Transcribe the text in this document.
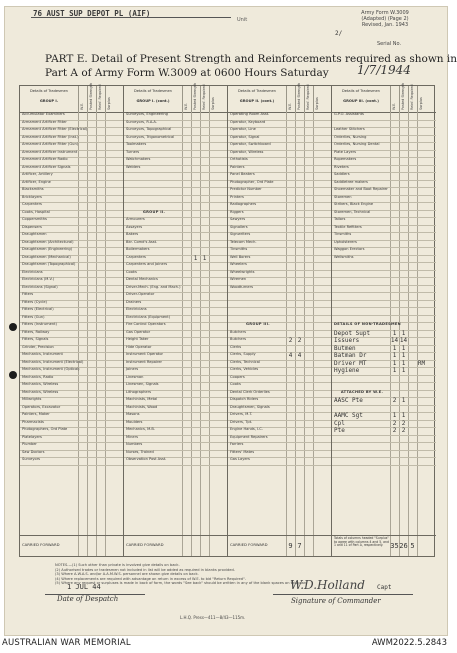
76 AUST SUP DEPOT PL (AIF)
Unit
Army Form W.3009
(Adapted) (Page 2)
Revised, Jan. 1943
2/
Serial No.
PART E. Detail of Present Strength and Reinforcements required as shown in
Part A of Army Form W.3009 at 0600 Hours Saturday 1/7/1944
Details of Tradesmen
GROUP I.
W.E. Posted Strength Reinf. Required Surplus
Accumulator Examiners
Armament Artificer Fitter
Armament Artificer Fitter (Electrical)
Armament Artificer Fitter (Inst.)
Armament Artificer Fitter (Gun)
Armament Artificer Instrument
Armament Artificer Radio
Armament Artificer Signals
Artificer, Artillery
Artificer, Engine
Blacksmiths
Bricklayers
Carpenters
Cooks, Hospital
Coppersmiths
Dispensers
Draughtsmen
Draughtsmen (Architectural)
Draughtsmen (Engineering)
Draughtsmen (Mechanical)
Draughtsmen (Topographical)
Electricians
Electricians (M.V.)
Electricians (Signal)
Fitters
Fitters (Cycle)
Fitters (Electrical)
Fitters (Gun)
Fitters (Instrument)
Fitters, Railway
Fitters, Signals
Grinder, Precision
Mechanics, Instrument
Mechanics, Instrument (Electrical)
Mechanics, Instrument (Optical)
Mechanics, Radio
Mechanics, Wireless
Mechanics, Wireless
Millwrights
Operators, Excavator
Painters, Maker
Pharmacists
Photographers, Ord Plate
Platelayers
Plumber
Saw Doctors
Surveyors
CARRIED FORWARD
Details of Tradesmen
GROUP I. (cont.)
W.E. Posted Strength Reinf. Required Surplus
Surveyors, Engineering
Surveyors, R.A.A.
Surveyors, Topographical
Surveyors, Trigonometrical
Toolmakers
Turners
Watchmakers
Welders
GROUP II.
Armourers
Assayers
Bakers
Bkr. Comd's Asst.
Boilermakers
Carpenters	1 1
Carpenters and Joiners
Cooks
Dental Mechanics
Driver-Mech. (Eng. and Mach.)
Driver-Operator
Drainers
Electricians
Electricians (Equipment)
Fire Control Operators
Gas Operator
Height Taker
Hide Operator
Instrument Operator
Instrument Repairer
Joiners
Linesman
Linesmen, Signals
Lithographers
Machinists, Metal
Machinists, Wood
Masons
Moulders
Mechanics, M.B.
Miners
Numbers
Nurses, Trained
Observation Post Asst.
CARRIED FORWARD
Details of Tradesmen
GROUP II. (cont.)
W.E. Posted Strength Reinf. Required Surplus
Operating Room Asst.
Operator, Keyboard
Operator, Line
Operator, Signal
Operator, Switchboard
Operator, Wireless
Orthotists
Painters
Panel Beaters
Photographer, Ord Plate
Predictor Number
Printers
Radiographers
Riggers
Sawyers
Signallers
Signwriters
Telecom Mech.
Tinsmiths
Well Borers
Wheelers
Wheelwrights
Wiremen
Woodturners
GROUP III.
Butchers
Butchers	2 2
Clerks
Clerks, Supply	4 4
Clerks, Technical
Clerks, Vehicles
Coopers
Cooks
Dental Clerk Orderlies
Dispatch Riders
Draughtsmen, Signals
Drivers, M.T.
Drivers, Tpt.
Engine Hands, I.C.
Equipment Repairers
Farriers
Fitters' Mates
Gas Layers
CARRIED FORWARD	9 7
Details of Tradesmen
GROUP III. (cont.)
W.E. Posted Strength Reinf. Required Surplus
G.P.O. Assistants
Leather Stitchers
Orderlies, Nursing
Orderlies, Nursing Dental
Plate Layers
Ropemakers
Riveters
Saddlers
Saddletree makers
Shoemaker and Boot Repairer
Storemen
Strikers, Black Engine
Storemen, Technical
Tailors
Textile Refitters
Tinsmiths
Upholsterers
Waggon Erectors
Wellsmiths
DETAILS OF NON-TRADESMEN
Depot Supt	1 1
Issuers	14 14
Butmen	1 1
Batman Dr	1 1
Driver MT	1 1	RM
Hygiene	1 1
ATTACHED BY W.E.
AASC Pte	2 1
AAMC Sgt	1 1
Cpl	2 2
Pte	2 2
Totals of columns headed "Surplus" to agree with columns 4 and 5, and 1 and 11 of Part A, respectively.	35 26 5
NOTES.—(1) Such other than private is involved give details on back.
(2) Authorised trades or tradesmen not included in list will be added as required in blanks provided.
(3) Where A.W.A.S. and/or A.A.M.W.S. personnel are shown give details on back.
(4) Where replacements are required with advantage on return in excess of W.E. to bid "Return Required".
(5) Where any request or surpluses is made in back of form, the words "See back" should be written in any of the blank spaces on this plan.
1 JUL 44
Date of Despatch
W.D.Holland Capt
Signature of Commander
L.H.Q. Press—411—8/43—115m.
AUSTRALIAN WAR MEMORIAL	AWM2022.5.2843
